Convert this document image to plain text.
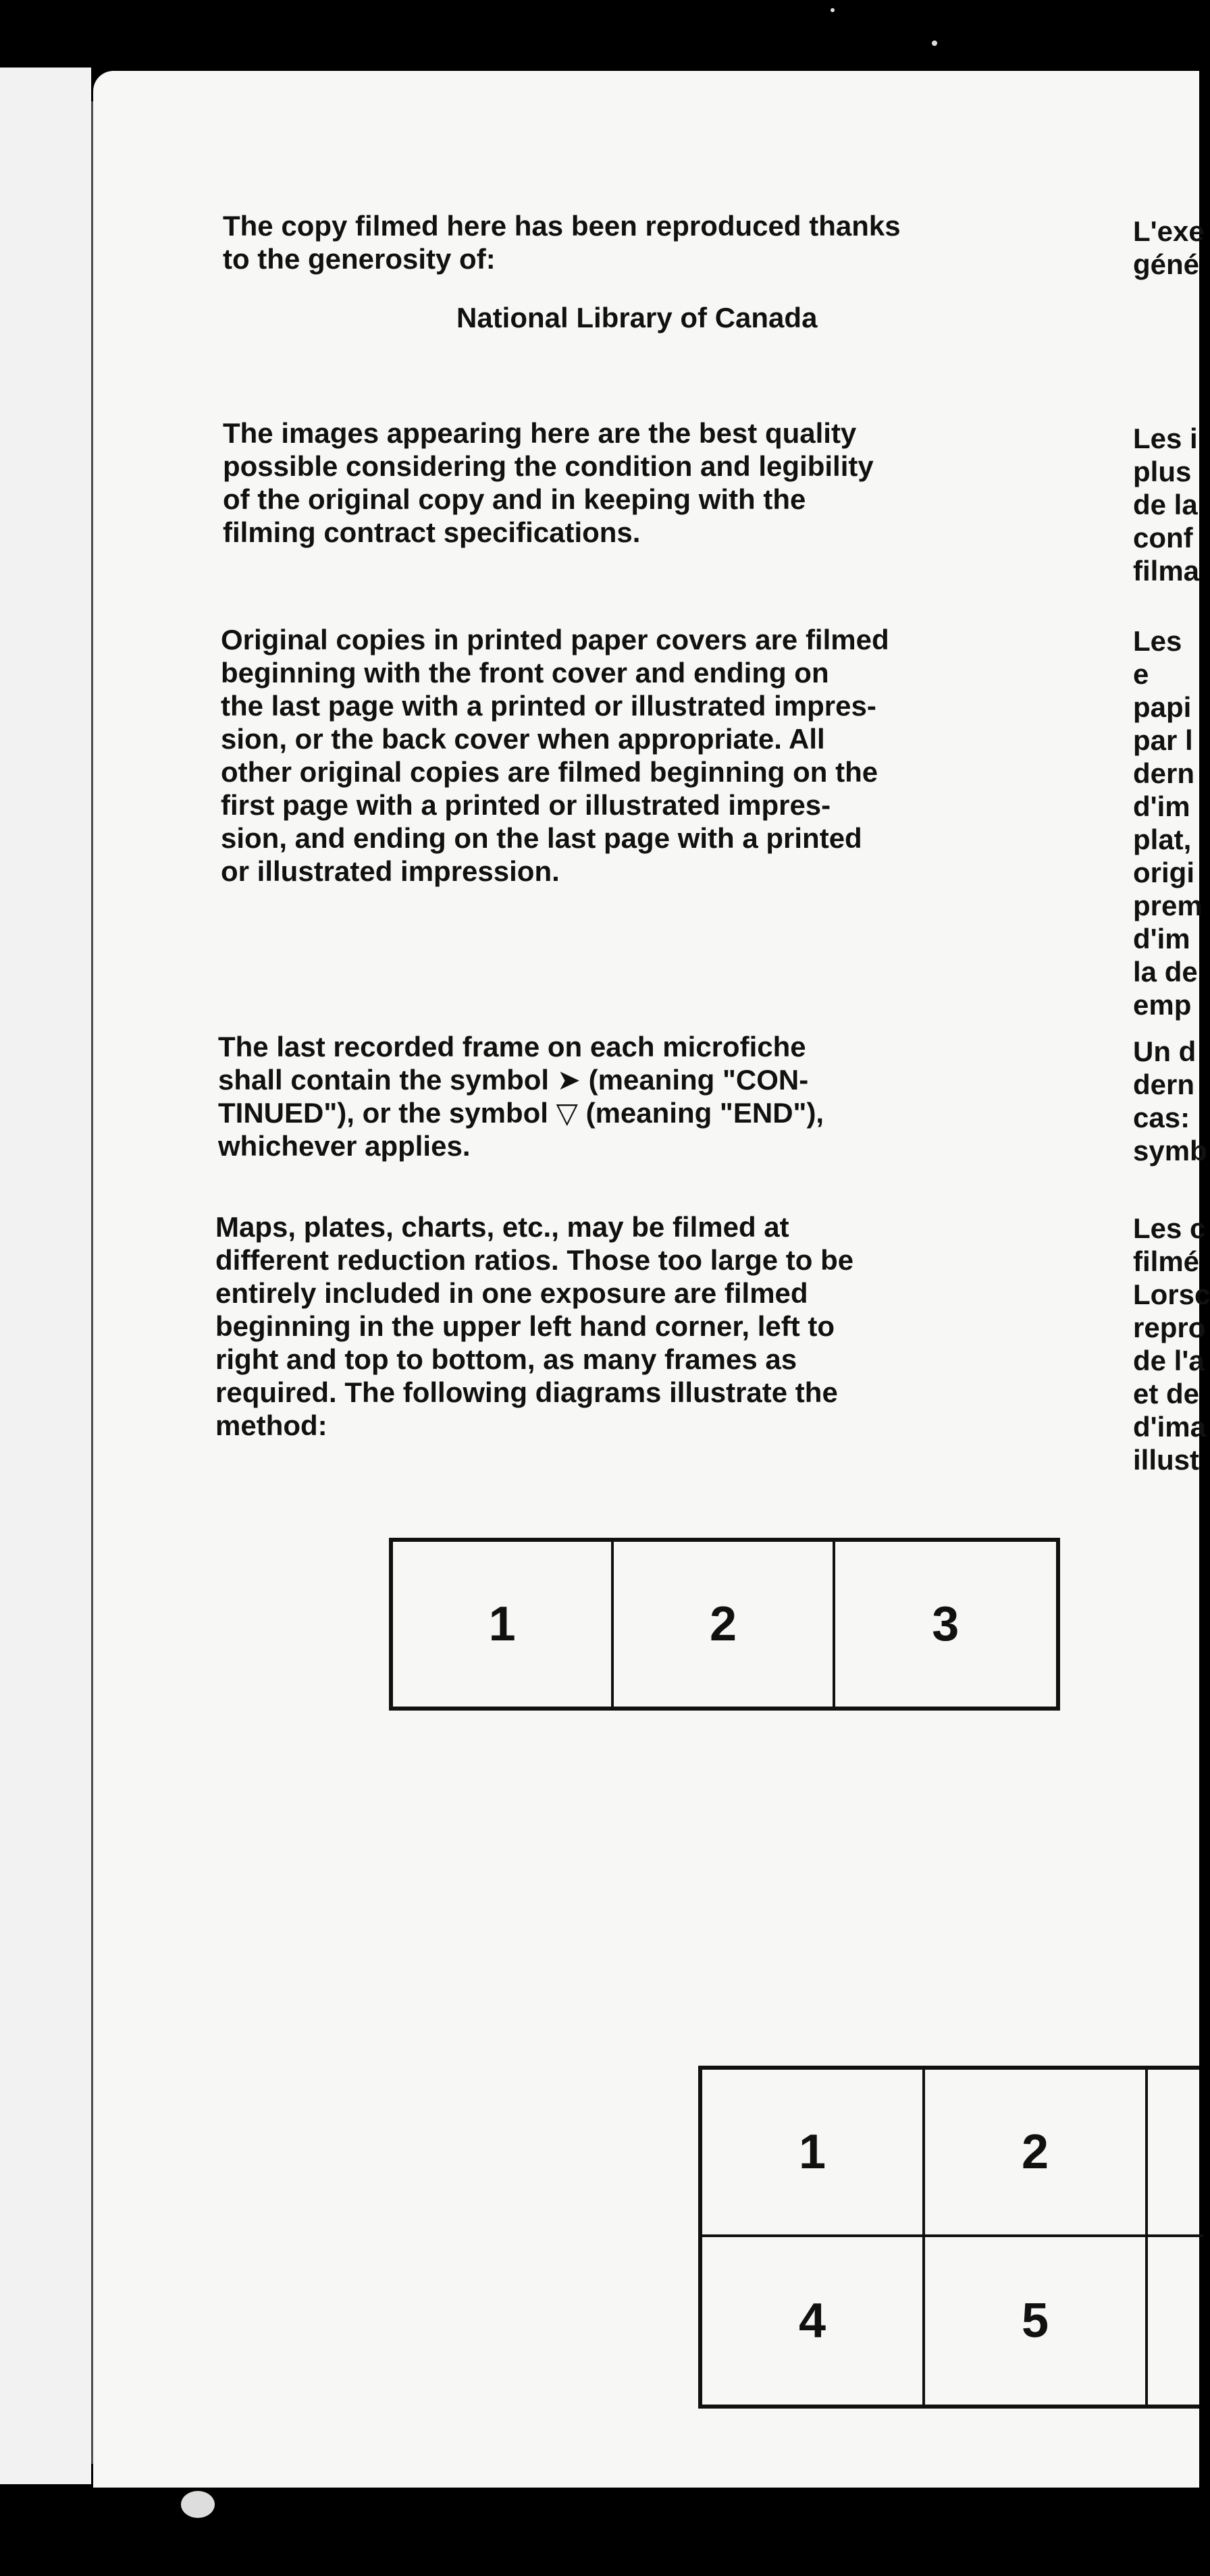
The copy filmed here has been reproduced thanks
to the generosity of:
National Library of Canada
The images appearing here are the best quality
possible considering the condition and legibility
of the original copy and in keeping with the
filming contract specifications.
Original copies in printed paper covers are filmed
beginning with the front cover and ending on
the last page with a printed or illustrated impres-
sion, or the back cover when appropriate. All
other original copies are filmed beginning on the
first page with a printed or illustrated impres-
sion, and ending on the last page with a printed
or illustrated impression.
The last recorded frame on each microfiche
shall contain the symbol ➤ (meaning "CON-
TINUED"), or the symbol ▽ (meaning "END"),
whichever applies.
Maps, plates, charts, etc., may be filmed at
different reduction ratios. Those too large to be
entirely included in one exposure are filmed
beginning in the upper left hand corner, left to
right and top to bottom, as many frames as
required. The following diagrams illustrate the
method:
L'exe
géné
Les i
plus
de la
conf
filma
Les e
papi
par l
dern
d'im
plat,
origi
prem
d'im
la de
emp
Un d
dern
cas:
symb
Les c
filmé
Lorsc
repro
de l'a
et de
d'ima
illust
1	2	3
1	2
4	5
